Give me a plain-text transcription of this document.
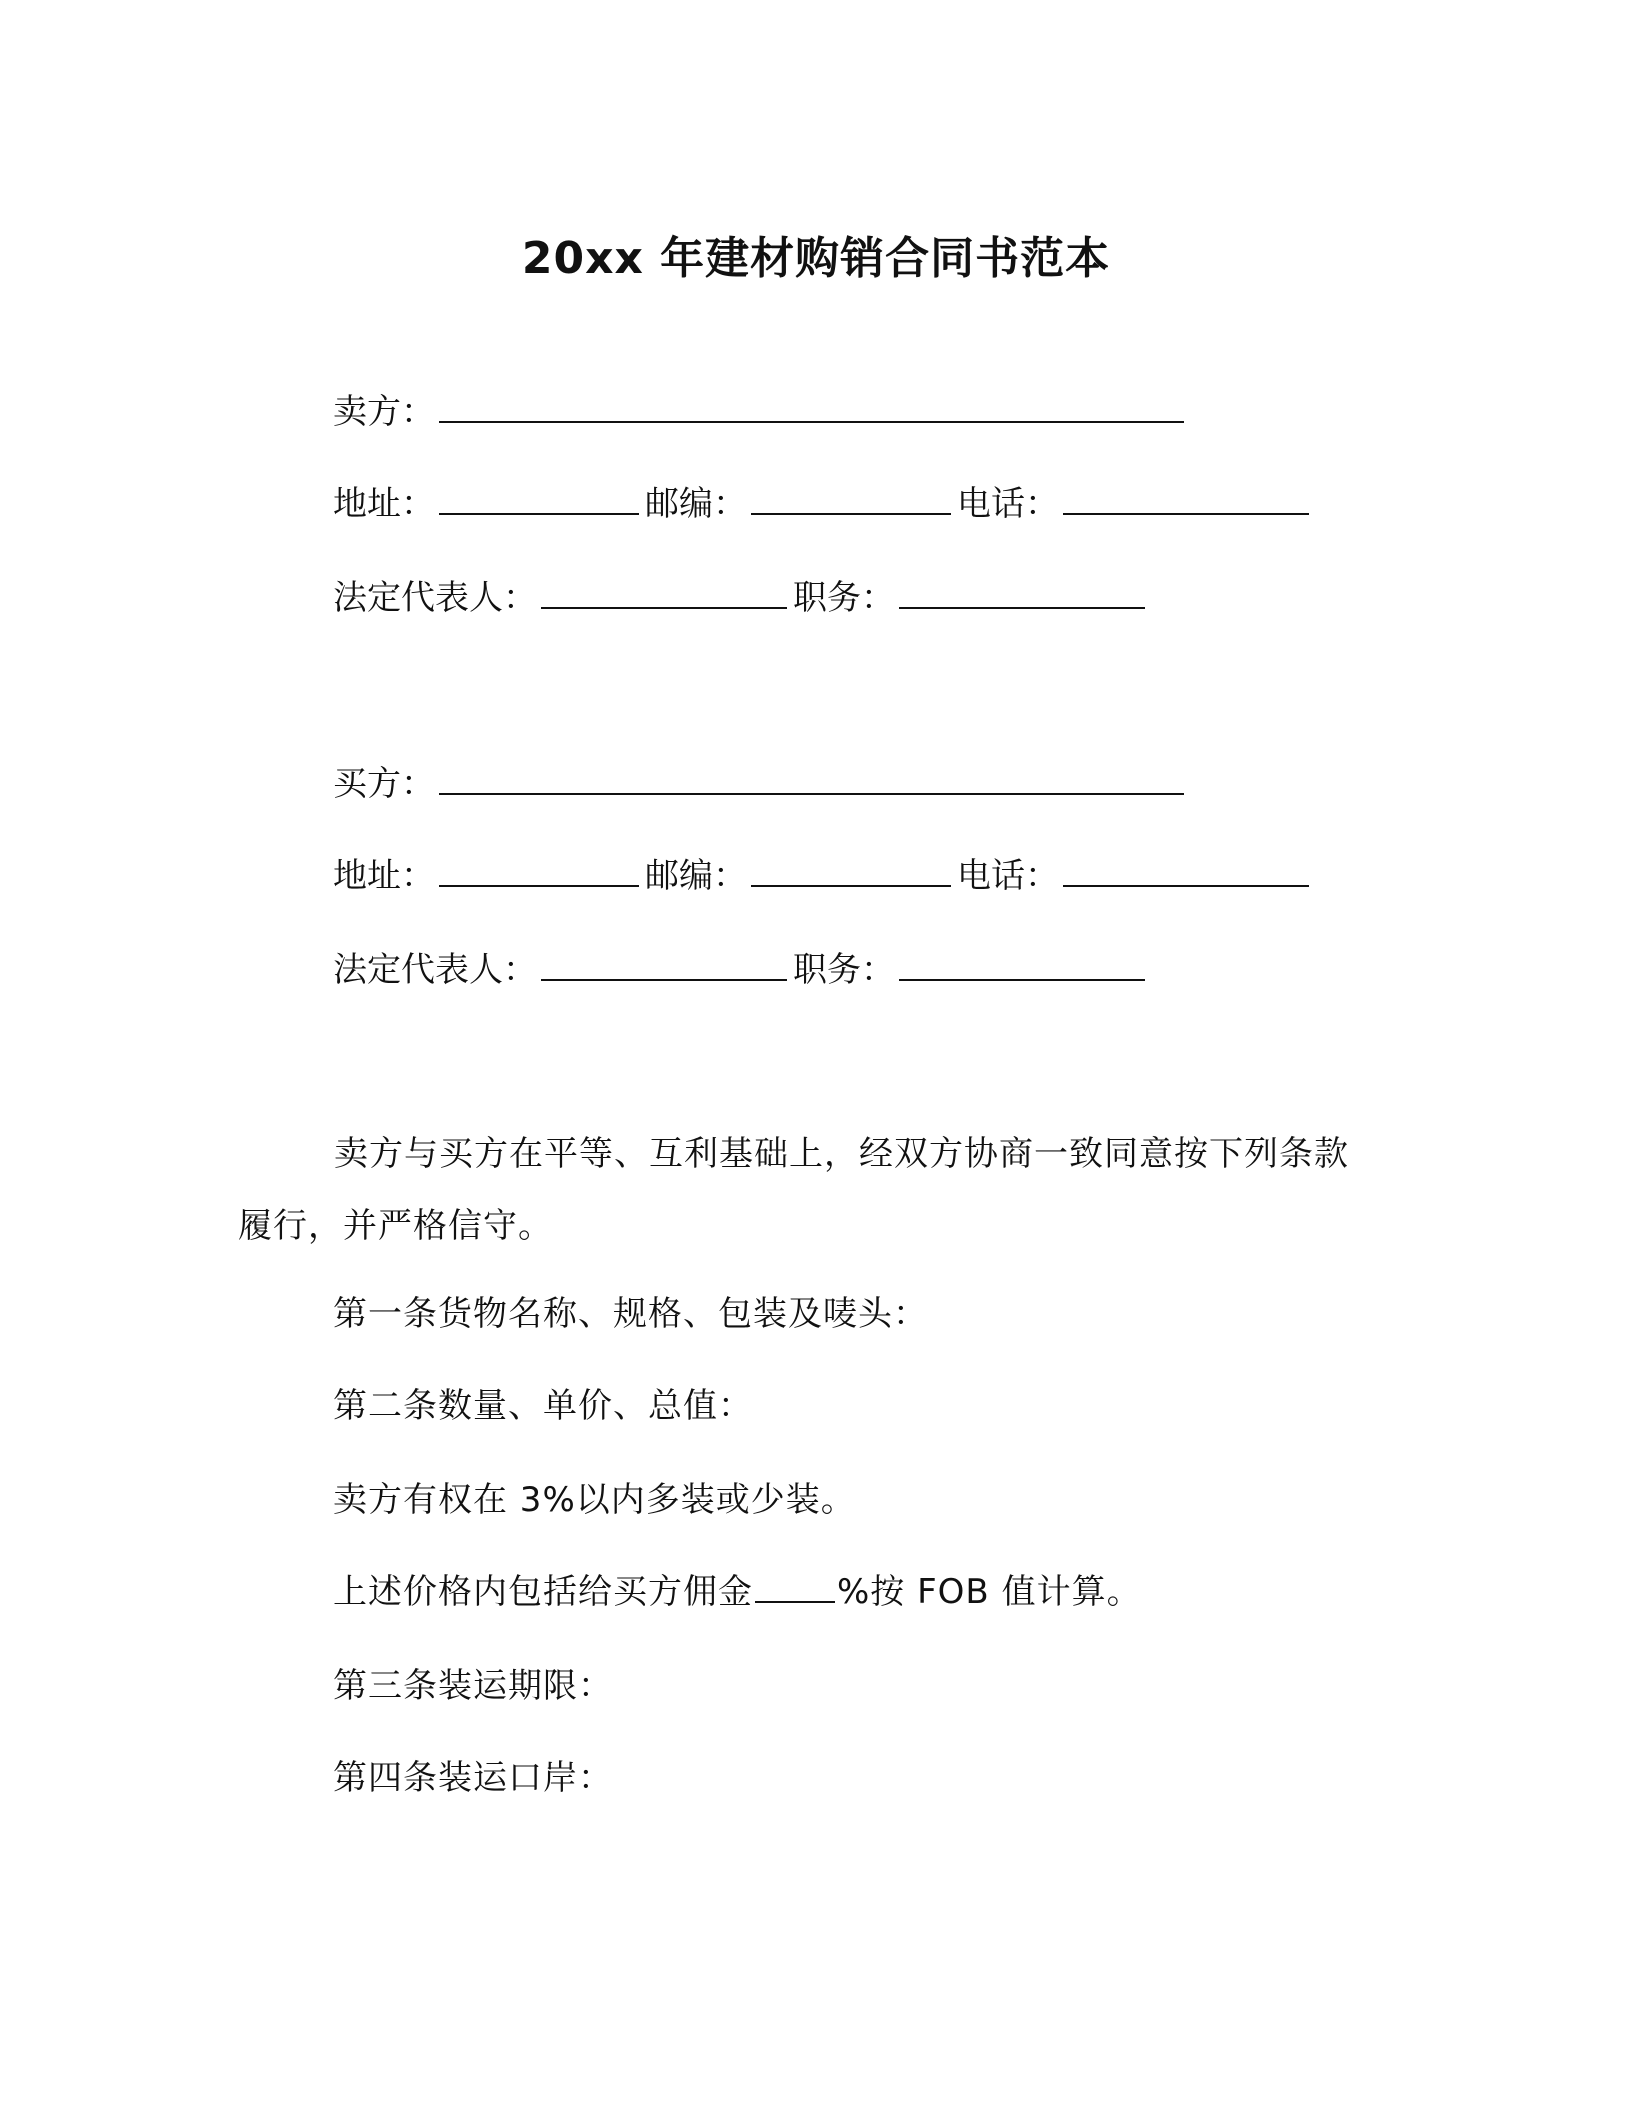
20xx 年建材购销合同书范本
卖方：
地址：	邮编：	电话：
法定代表人：	职务：
买方：
地址：	邮编：	电话：
法定代表人：	职务：
卖方与买方在平等、互利基础上，经双方协商一致同意按下列条款履行，并严格信守。
第一条货物名称、规格、包装及唛头：
第二条数量、单价、总值：
卖方有权在 3%以内多装或少装。
上述价格内包括给买方佣金 %按 FOB 值计算。
第三条装运期限：
第四条装运口岸：
